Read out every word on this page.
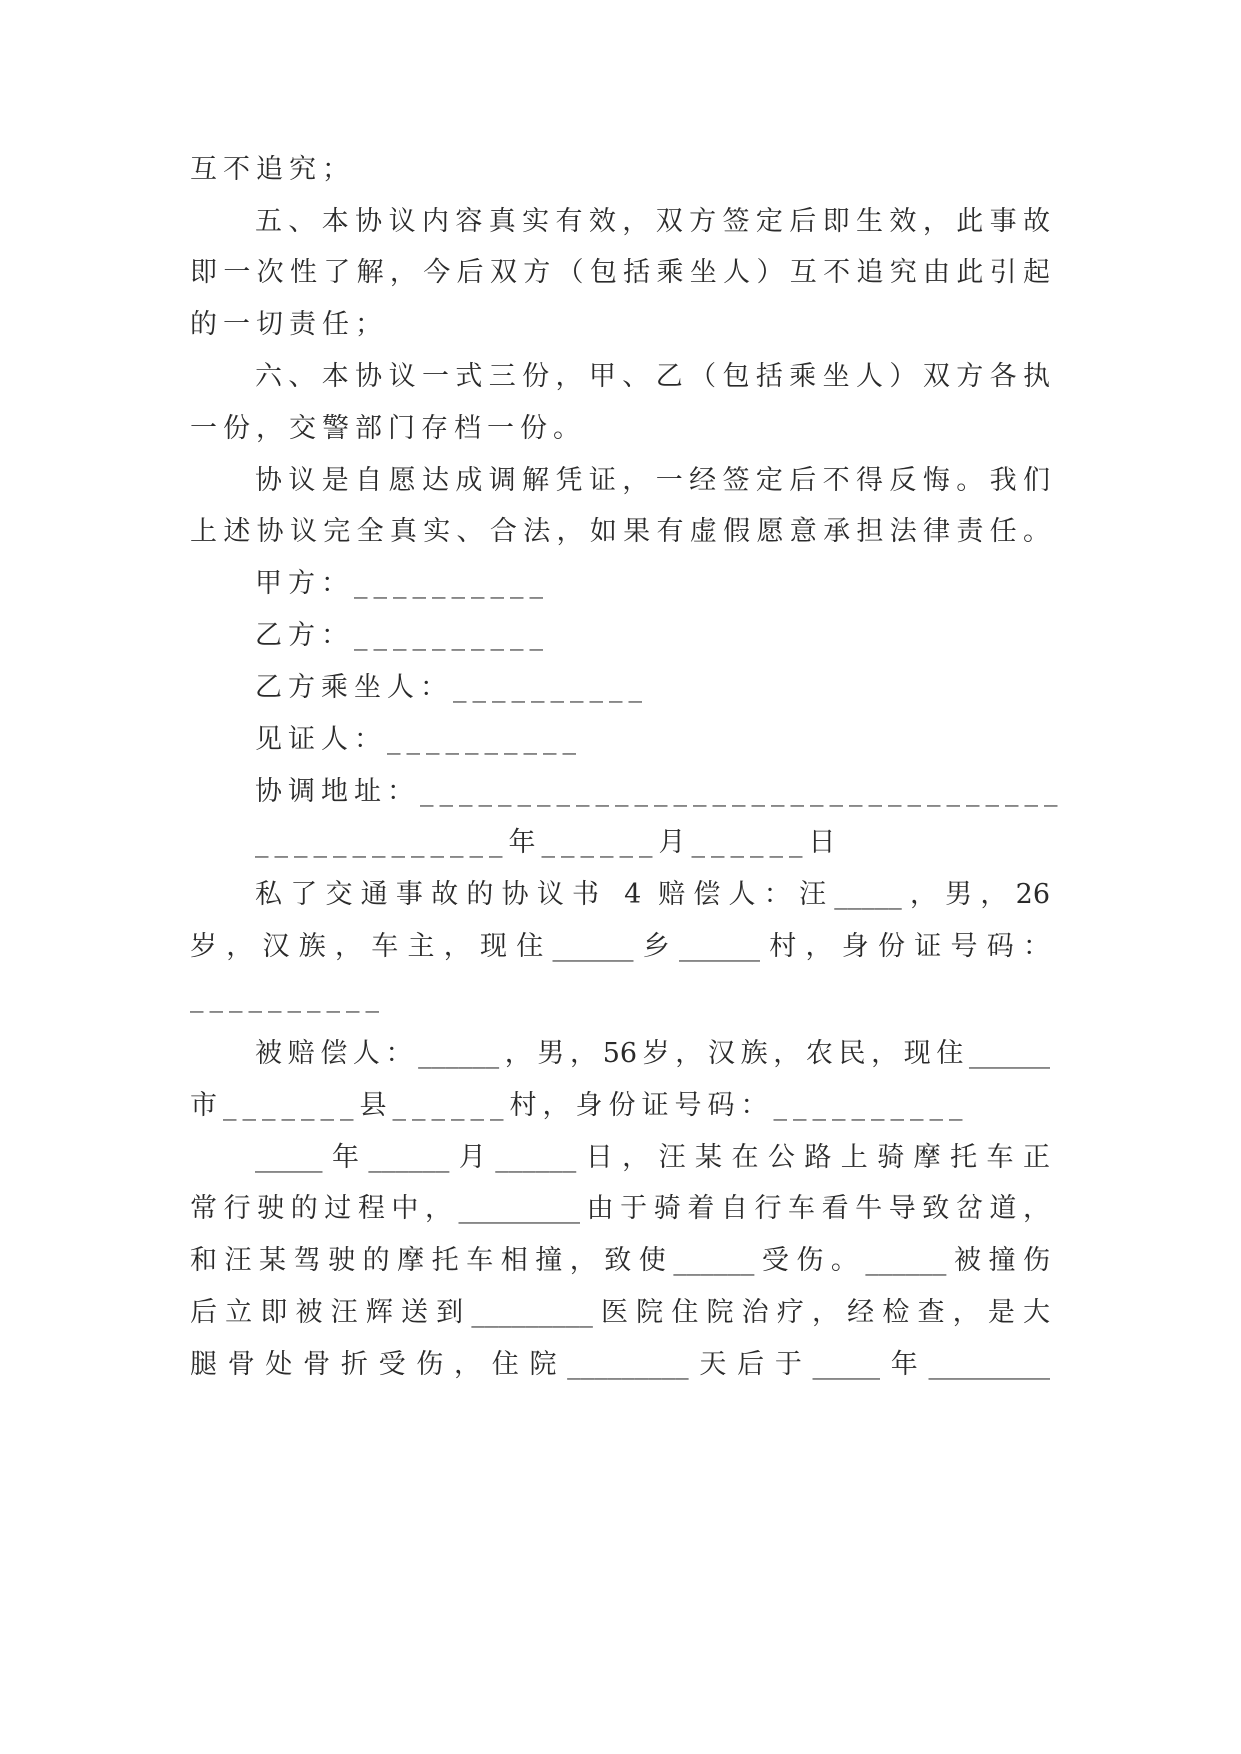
互不追究；

五、本协议内容真实有效，双方签定后即生效，此事故

即一次性了解，今后双方（包括乘坐人）互不追究由此引起

的一切责任；

六、本协议一式三份，甲、乙（包括乘坐人）双方各执

一份，交警部门存档一份。

协议是自愿达成调解凭证，一经签定后不得反悔。我们

上述协议完全真实、合法，如果有虚假愿意承担法律责任。

甲方：__________

乙方：__________

乙方乘坐人：__________

见证人：__________

协调地址：_________________________________

_____________年______月______日

私了交通事故的协议书 4 赔偿人：汪_____，男，26

岁，汉族，车主，现住______乡______村，身份证号码：

__________

被赔偿人：______，男，56岁，汉族，农民，现住______

市_______县______村，身份证号码：__________

_____年______月______日，汪某在公路上骑摩托车正

常行驶的过程中，_________由于骑着自行车看牛导致岔道，

和汪某驾驶的摩托车相撞，致使______受伤。______被撞伤

后立即被汪辉送到_________医院住院治疗，经检查，是大

腿骨处骨折受伤，住院_________天后于_____年_________
